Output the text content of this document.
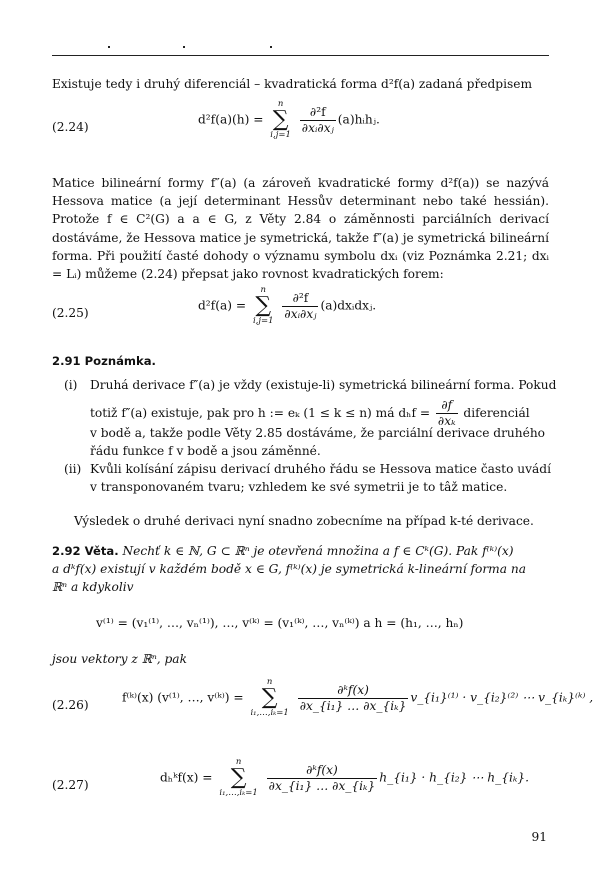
Existuje tedy i druhý diferenciál – kvadratická forma d²f(a) zadaná předpisem
(2.24)
d²f(a)(h) =
n
∑
i,j=1
$\frac{\text{∂²f}}{\text{∂xᵢ∂xⱼ}}$ (a)hᵢhⱼ.
Matice bilineární formy f″(a) (a zároveň kvadratické formy d²f(a)) se nazývá Hessova matice (a její determinant Hessův determinant nebo také hessián). Protože f ∈ C²(G) a a ∈ G, z Věty 2.84 o záměnnosti parciálních derivací dostáváme, že Hessova matice je symetrická, takže f″(a) je symetrická bilineární forma. Při použití časté dohody o významu symbolu dxᵢ (viz Poznámka 2.21; dxᵢ = Lᵢ) můžeme (2.24) přepsat jako rovnost kvadratických forem:
(2.25)
d²f(a) =
n
∑
i,j=1
$\frac{\text{∂²f}}{\text{∂xᵢ∂xⱼ}}$ (a)dxᵢdxⱼ.
2.91 Poznámka.
(i) Druhá derivace f″(a) je vždy (existuje-li) symetrická bilineární forma. Pokud
totiž f″(a) existuje, pak pro h := eₖ (1 ≤ k ≤ n) má $d_hf = \frac{\partial f}{\text{∂xₖ}}$ diferenciál
v bodě a, takže podle Věty 2.85 dostáváme, že parciální derivace druhého
řádu funkce f v bodě a jsou záměnné.
(ii) Kvůli kolísání zápisu derivací druhého řádu se Hessova matice často uvádí
v transponovaném tvaru; vzhledem ke své symetrii je to tâž matice.
Výsledek o druhé derivaci nyní snadno zobecníme na případ k-té derivace.
2.92 Věta. Nechť k ∈ ℕ, G ⊂ ℝⁿ je otevřená množina a f ∈ Cᵏ(G). Pak f⁽ᵏ⁾(x)
a dᵏf(x) existují v každém bodě x ∈ G, f⁽ᵏ⁾(x) je symetrická k-lineární forma na
ℝⁿ a kdykoliv
v⁽¹⁾ = (v₁⁽¹⁾, …, vₙ⁽¹⁾), …, v⁽ᵏ⁾ = (v₁⁽ᵏ⁾, …, vₙ⁽ᵏ⁾) a h = (h₁, …, hₙ)
jsou vektory z ℝⁿ, pak
(2.26)
f⁽ᵏ⁾(x) (v⁽¹⁾, …, v⁽ᵏ⁾) =
n
∑
i₁,…,iₖ=1
$\frac{\text{∂ᵏf(x)}}{\text{∂x\_\{i₁\} … ∂x\_\{iₖ\}}}$ v_{i₁}⁽¹⁾ · v_{i₂}⁽²⁾ ⋯ v_{iₖ}⁽ᵏ⁾ ,
(2.27)
dₕᵏf(x) =
n
∑
i₁,…,iₖ=1
$\frac{\text{∂ᵏf(x)}}{\text{∂x\_\{i₁\} … ∂x\_\{iₖ\}}}$ h_{i₁} · h_{i₂} ⋯ h_{iₖ}.
91
